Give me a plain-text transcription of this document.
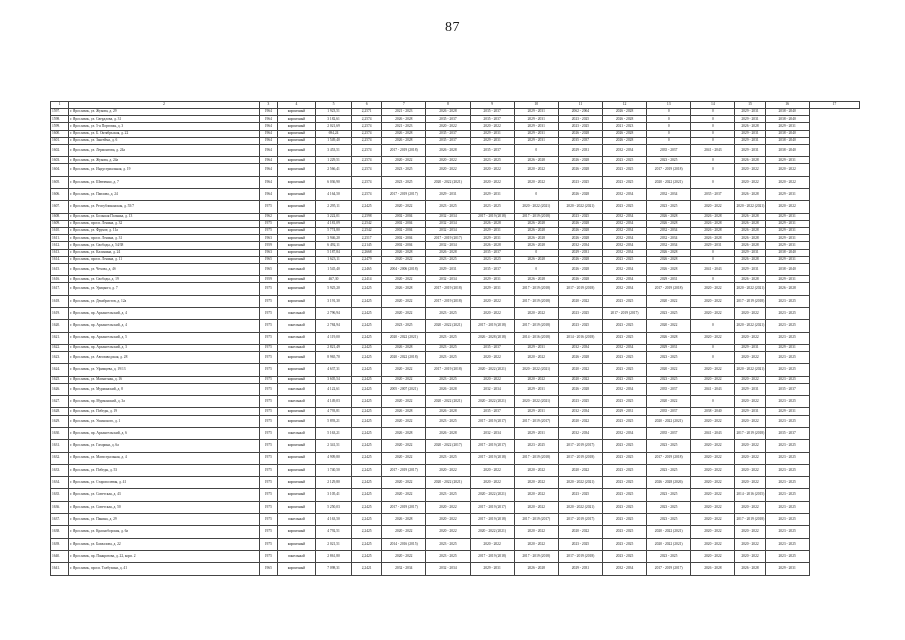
87
1	2	3	4	5	6	7	8	9	10	11	12	13	14	15	16	17
1597.	г. Ярославль, ул. Жукова, д. 29	1964	кирпичный	1 923,51	2,2571	2021 - 2023	2026 - 2028	2035 - 2037	2029 - 2031	2062 - 2064	2026 - 2028	0	0	2029 - 2031	2038 - 2040	
1598.	г. Ярославль, ул. Свердлова, д. 31	1964	кирпичный	3 182,61	2,2574	2026 - 2028	2035 - 2037	2035 - 2037	2029 - 2031	2023 - 2025	2026 - 2028	0	0	2029 - 2031	2038 - 2040	
1599.	г. Ярославль, ул. 5-я Портовая, д. 3	1964	кирпичный	2 021,69	2,2574	2021 - 2023	2020 - 2022	2020 - 2022	2029 - 2031	2023 - 2025	2021 - 2023	0	0	2026 - 2028	2029 - 2031	
1600.	г. Ярославль, ул. Б. Октябрьская, д. 22	1964	кирпичный	694,24	2,2574	2026 - 2028	2035 - 2037	2029 - 2031	2029 - 2031	2026 - 2028	2026 - 2028	0	0	2029 - 2031	2038 - 2040	
1601.	г. Ярославль, ул. Закгейма, д. 6	1964	кирпичный	1 549,40	2,2574	2026 - 2028	2035 - 2037	2029 - 2031	2029 - 2031	2035 - 2037	2026 - 2028	0	0	2029 - 2031	2038 - 2040	
1602.	г. Ярославль, ул. Лермонтова, д. 24а	1964	кирпичный	3 453,51	2,2574	2017 - 2019 (2018)	2026 - 2028	2035 - 2037	0	2029 - 2031	2032 - 2034	2035 - 2037	2041 - 2043	2029 - 2031	2038 - 2040	
1603.	г. Ярославль, ул. Жукова, д. 24а	1964	кирпичный	1 229,51	2,2574	2020 - 2022	2020 - 2022	2023 - 2025	2026 - 2028	2026 - 2028	2023 - 2025	2023 - 2025	0	2026 - 2028	2029 - 2031	
1604.	г. Ярославль, ул. Индустриальная, д. 19	1964	кирпичный	2 566,41	2,2574	2023 - 2025	2020 - 2022	2020 - 2022	2020 - 2022	2026 - 2028	2023 - 2025	2017 - 2019 (2018)	0	2020 - 2022	2020 - 2022	
1605.	г. Ярославль, ул. Шевченко, д. 7	1964	кирпичный	6 036,90	2,2574	2023 - 2025	2020 - 2022 (2021)	2020 - 2022	2020 - 2022	2023 - 2025	2023 - 2025	2020 - 2022 (2021)	0	2020 - 2022	2020 - 2022	
1606.	г. Ярославль, ул. Павлова, д. 24	1964	кирпичный	4 164,50	2,2574	2017 - 2019 (2017)	2029 - 2031	2029 - 2031	0	2026 - 2028	2032 - 2034	2032 - 2034	2035 - 2037	2026 - 2028	2029 - 2031	
1607.	г. Ярославль, ул. Республиканская, д. 55/7	1975	кирпичный	2 295,11	2,2425	2020 - 2022	2023 - 2025	2023 - 2025	2020 - 2022 (2021)	2020 - 2022 (2021)	2023 - 2025	2023 - 2025	2020 - 2022	2020 - 2022 (2021)	2020 - 2022	
1608.	г. Ярославль, ул. Большая Полянка, д. 13	1962	кирпичный	3 222,01	2,2598	2002 - 2004	2032 - 2034	2017 - 2019 (2018)	2017 - 2019 (2018)	2023 - 2025	2032 - 2034	2026 - 2028	2026 - 2028	2026 - 2028	2029 - 2031	
1609.	г. Ярославль, просп. Ленина, д. 32	1975	кирпичный	4 181,09	2,2542	2002 - 2004	2032 - 2034	2026 - 2028	2026 - 2028	2026 - 2028	2032 - 2034	2026 - 2028	2026 - 2028	2026 - 2028	2029 - 2031	
1610.	г. Ярославль, ул. Фрунзе, д. 11а	1975	кирпичный	5 774,80	2,2542	2002 - 2004	2032 - 2034	2029 - 2031	2026 - 2028	2026 - 2028	2032 - 2034	2032 - 2034	2026 - 2028	2026 - 2028	2029 - 2031	
1611.	г. Ярославль, просп. Ленина, д. 31	1963	кирпичный	3 946,20	2,2517	2002 - 2004	2017 - 2019 (2017)	2029 - 2031	2026 - 2028	2026 - 2028	2032 - 2034	2032 - 2034	2026 - 2028	2026 - 2028	2029 - 2031	
1612.	г. Ярославль, ул. Свободы, д. 54/38	1959	кирпичный	6 492,11	2,2145	2002 - 2004	2032 - 2034	2026 - 2028	2026 - 2028	2032 - 2034	2032 - 2034	2032 - 2034	2029 - 2031	2026 - 2028	2029 - 2031	
1613.	г. Ярославль, ул. Калинина, д. 24	1963	кирпичный	5 187,84	2,2668	2026 - 2028	2026 - 2028	2035 - 2037	0	2029 - 2031	2032 - 2034	2026 - 2028	0	2029 - 2031	2038 - 2040	
1614.	г. Ярославль, просп. Ленина, д. 11	1965	кирпичный	1 623,11	2,2479	2020 - 2022	2023 - 2025	2023 - 2025	2026 - 2028	2026 - 2028	2023 - 2025	2026 - 2028	0	2026 - 2028	2029 - 2031	
1615.	г. Ярославль, ул. Чехова, д. 4б	1965	панельный	1 545,40	2,2465	2004 - 2006 (2018)	2029 - 2031	2035 - 2037	0	2026 - 2028	2032 - 2034	2026 - 2028	2041 - 2043	2029 - 2031	2038 - 2040	
1616.	г. Ярославль, ул. Свободы, д. 19	1959	кирпичный	467,30	2,2414	2020 - 2022	2032 - 2034	2029 - 2031	2026 - 2028	2026 - 2028	2032 - 2034	2029 - 2031	0	2026 - 2028	2029 - 2031	
1617.	г. Ярославль, ул. Урицкого, д. 7	1975	кирпичный	5 925,20	2,2425	2026 - 2028	2017 - 2019 (2018)	2029 - 2031	2017 - 2019 (2018)	2017 - 2019 (2018)	2032 - 2034	2017 - 2019 (2018)	2020 - 2022	2020 - 2022 (2021)	2026 - 2028	
1618.	г. Ярославль, ул. Декабристов, д. 12а	1975	кирпичный	3 191,30	2,2425	2020 - 2022	2017 - 2019 (2018)	2020 - 2022	2017 - 2019 (2018)	2020 - 2022	2023 - 2025	2020 - 2022	2020 - 2022	2017 - 2019 (2018)	2023 - 2025	
1619.	г. Ярославль, пр. Архангельский, д. 4	1975	панельный	2 796,94	2,2425	2020 - 2022	2023 - 2025	2020 - 2022	2020 - 2022	2023 - 2025	2017 - 2019 (2017)	2023 - 2025	2020 - 2022	2020 - 2022	2023 - 2025	
1620.	г. Ярославль, пр. Архангельский, д. 4	1975	панельный	2 784,94	2,2425	2023 - 2025	2020 - 2022 (2021)	2017 - 2019 (2018)	2017 - 2019 (2018)	2023 - 2025	2023 - 2025	2020 - 2022	0	2020 - 2022 (2021)	2023 - 2025	
1621.	г. Ярославль, пр. Архангельский, д. 5	1975	панельный	4 119,00	2,2425	2020 - 2022 (2021)	2023 - 2025	2026 - 2028 (2018)	2014 - 2016 (2018)	2014 - 2016 (2018)	2023 - 2025	2026 - 2028	2020 - 2022	2020 - 2022	2023 - 2025	
1622.	г. Ярославль, пр. Архангельский, д. 3	1975	панельный	2 821,49	2,2425	2026 - 2028	2023 - 2025	2035 - 2037	2029 - 2031	2032 - 2034	2032 - 2034	2029 - 2031	0	2029 - 2031	2029 - 2031	
1623.	г. Ярославль, ул. Автозаводская, д. 28	1975	кирпичный	8 965,70	2,2425	2020 - 2022 (2018)	2023 - 2025	2020 - 2022	2020 - 2022	2026 - 2028	2023 - 2025	2023 - 2025	0	2020 - 2022	2023 - 2025	
1624.	г. Ярославль, ул. Уфимцева, д. 19/13	1975	кирпичный	4 637,31	2,2425	2020 - 2022	2017 - 2019 (2018)	2020 - 2022 (2021)	2020 - 2022 (2021)	2020 - 2022	2023 - 2025	2020 - 2022	2020 - 2022	2020 - 2022 (2021)	2023 - 2025	
1625.	г. Ярославль, ул. Магнитная, д. 16	1975	кирпичный	3 605,54	2,2425	2020 - 2022	2023 - 2025	2020 - 2022	2020 - 2022	2020 - 2022	2023 - 2025	2023 - 2025	2020 - 2022	2020 - 2022	2023 - 2025	
1626.	г. Ярославль, ул. Мурманский, д. 8	1975	панельный	4 122,61	2,2425	2005 - 2007 (2021)	2026 - 2028	2032 - 2034	2029 - 2031	2026 - 2028	2032 - 2034	2035 - 2037	2041 - 2043	2029 - 2031	2035 - 2037	
1627.	г. Ярославль, пр. Мурманский, д. 3а	1975	панельный	4 149,03	2,2425	2020 - 2022	2020 - 2022 (2021)	2020 - 2022 (2021)	2020 - 2022 (2021)	2023 - 2025	2023 - 2025	2020 - 2022	0	2020 - 2022	2023 - 2025	
1628.	г. Ярославль, ул. Победы, д. 19	1975	кирпичный	4 793,81	2,2425	2026 - 2028	2026 - 2028	2035 - 2037	2029 - 2031	2032 - 2034	2029 - 2031	2035 - 2037	2038 - 2040	2029 - 2031	2029 - 2031	
1629.	г. Ярославль, ул. Ушинского, д. 1	1975	кирпичный	5 893,21	2,2425	2020 - 2022	2023 - 2025	2017 - 2019 (2017)	2017 - 2019 (2017)	2020 - 2022	2023 - 2025	2020 - 2022 (2021)	2020 - 2022	2020 - 2022	2023 - 2025	
1630.	г. Ярославль, пр. Архангельский, д. 6	1975	панельный	5 163,21	2,2425	2026 - 2028	2026 - 2028	2032 - 2034	2029 - 2031	2032 - 2034	2032 - 2034	2035 - 2037	2041 - 2043	2017 - 2019 (2018)	2035 - 2037	
1631.	г. Ярославль, ул. Гагарина, д. 6а	1975	кирпичный	2 341,51	2,2425	2020 - 2022	2020 - 2022 (2017)	2017 - 2019 (2017)	2023 - 2025	2017 - 2019 (2017)	2023 - 2025	2023 - 2025	2020 - 2022	2020 - 2022	2023 - 2025	
1632.	г. Ярославль, ул. Магистральная, д. 4	1975	кирпичный	4 909,80	2,2425	2020 - 2022	2023 - 2025	2017 - 2019 (2018)	2017 - 2019 (2018)	2017 - 2019 (2018)	2023 - 2025	2017 - 2019 (2018)	2020 - 2022	2020 - 2022	2023 - 2025	
1633.	г. Ярославль, ул. Победы, д. 53	1975	кирпичный	1 740,50	2,2425	2017 - 2019 (2017)	2020 - 2022	2020 - 2022	2020 - 2022	2020 - 2022	2023 - 2025	2023 - 2025	2020 - 2022	2020 - 2022	2023 - 2025	
1634.	г. Ярославль, ул. Старополевая, д. 41	1975	кирпичный	2 129,80	2,2425	2020 - 2022	2020 - 2022 (2021)	2020 - 2022	2020 - 2022	2020 - 2022 (2021)	2023 - 2025	2026 - 2028 (2026)	2020 - 2022	2020 - 2022	2023 - 2025	
1635.	г. Ярославль, ул. Советская, д. 43	1975	кирпичный	3 105,41	2,2425	2020 - 2022	2023 - 2025	2020 - 2022 (2021)	2020 - 2022	2023 - 2025	2023 - 2025	2023 - 2025	2020 - 2022	2014 - 2016 (2015)	2023 - 2025	
1636.	г. Ярославль, ул. Советская, д. 50	1975	кирпичный	5 250,03	2,2425	2017 - 2019 (2017)	2020 - 2022	2017 - 2019 (2017)	2020 - 2022	2020 - 2022 (2021)	2023 - 2025	2023 - 2025	2020 - 2022	2020 - 2022	2023 - 2025	
1637.	г. Ярославль, ул. Панина, д. 29	1975	панельный	4 163,50	2,2425	2026 - 2028	2020 - 2022	2017 - 2019 (2018)	2017 - 2019 (2017)	2017 - 2019 (2017)	2023 - 2025	2023 - 2025	2020 - 2022	2017 - 2019 (2018)	2023 - 2025	
1638.	г. Ярославль, ул. Красноборская, д. 6а	1975	кирпичный	4 792,51	2,2425	2020 - 2022	2020 - 2022	2020 - 2022 (2021)	2020 - 2022	2020 - 2022	2023 - 2025	2020 - 2022 (2021)	2020 - 2022	2020 - 2022	2023 - 2025	
1639.	г. Ярославль, ул. Бахвалова, д. 22	1975	кирпичный	2 021,51	2,2425	2014 - 2016 (2015)	2023 - 2025	2020 - 2022	2020 - 2022	2023 - 2025	2023 - 2025	2020 - 2022 (2021)	2020 - 2022	2020 - 2022	2023 - 2025	
1640.	г. Ярославль, пр. Панкратова, д. 22, корп. 2	1975	панельный	2 861,80	2,2425	2020 - 2022	2023 - 2025	2017 - 2019 (2018)	2017 - 2019 (2018)	2017 - 2019 (2018)	2023 - 2025	2023 - 2025	2020 - 2022	2020 - 2022	2023 - 2025	
1641.	г. Ярославль, просп. Толбухина, д. 41	1965	кирпичный	7 098,31	2,2421	2032 - 2034	2032 - 2034	2029 - 2031	2026 - 2028	2029 - 2031	2032 - 2034	2017 - 2019 (2017)	2026 - 2028	2026 - 2028	2029 - 2031	
